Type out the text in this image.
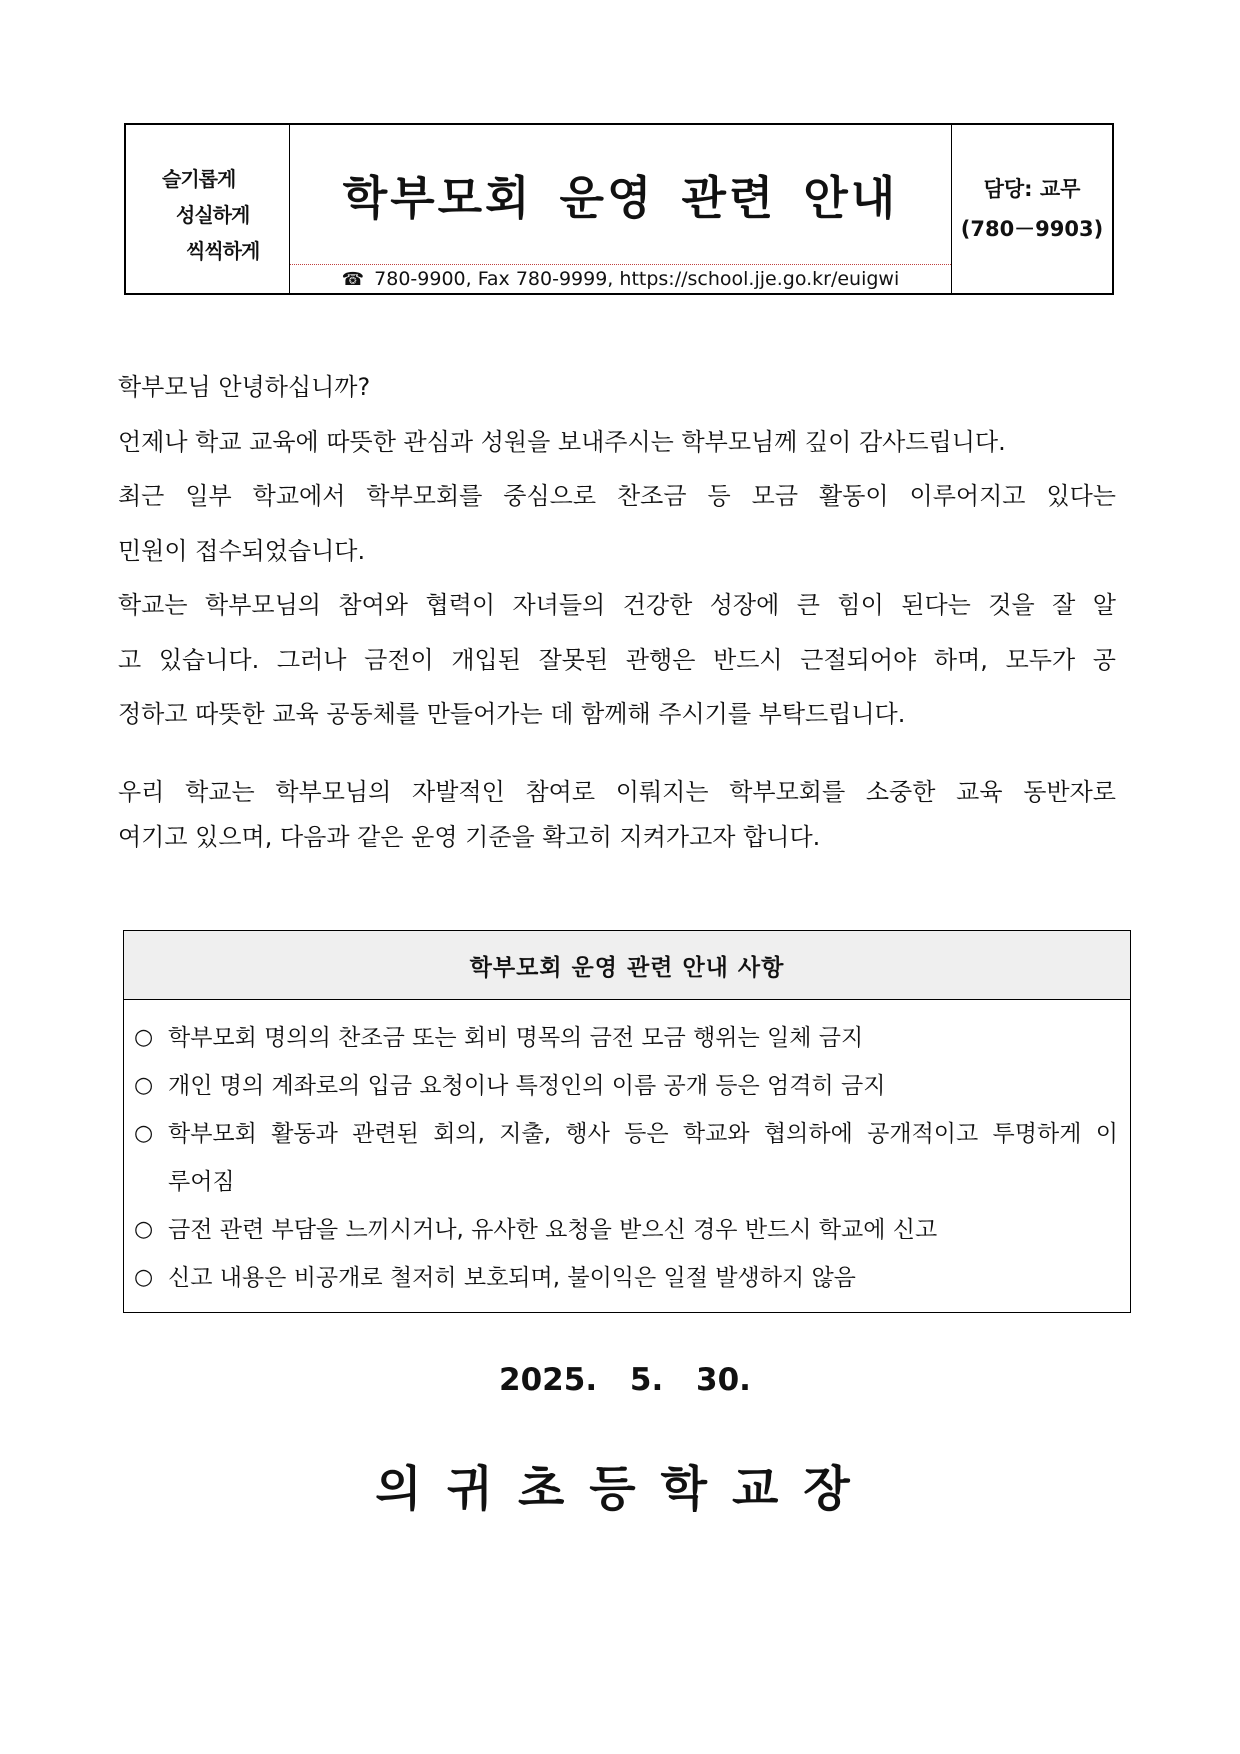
슬기롭게
성실하게
씩씩하게
학부모회 운영 관련 안내
☎ 780-9900,
Fax 780-9999,
https://school.jje.go.kr/euigwi
담당: 교무
(780－9903)
학부모님 안녕하십니까?
언제나 학교 교육에 따뜻한 관심과 성원을 보내주시는 학부모님께 깊이 감사드립니다.
최근 일부 학교에서 학부모회를 중심으로 찬조금 등 모금 활동이 이루어지고 있다는
민원이 접수되었습니다.
학교는 학부모님의 참여와 협력이 자녀들의 건강한 성장에 큰 힘이 된다는 것을 잘 알
고 있습니다. 그러나 금전이 개입된 잘못된 관행은 반드시 근절되어야 하며, 모두가 공
정하고 따뜻한 교육 공동체를 만들어가는 데 함께해 주시기를 부탁드립니다.
우리 학교는 학부모님의 자발적인 참여로 이뤄지는 학부모회를 소중한 교육 동반자로
여기고 있으며, 다음과 같은 운영 기준을 확고히 지켜가고자 합니다.
학부모회 운영 관련 안내 사항
○ 학부모회 명의의 찬조금 또는 회비 명목의 금전 모금 행위는 일체 금지
○ 개인 명의 계좌로의 입금 요청이나 특정인의 이름 공개 등은 엄격히 금지
○ 학부모회 활동과 관련된 회의, 지출, 행사 등은 학교와 협의하에 공개적이고 투명하게 이
루어짐
○ 금전 관련 부담을 느끼시거나, 유사한 요청을 받으신 경우 반드시 학교에 신고
○ 신고 내용은 비공개로 철저히 보호되며, 불이익은 일절 발생하지 않음
2025. 5. 30.
의귀초등학교장
